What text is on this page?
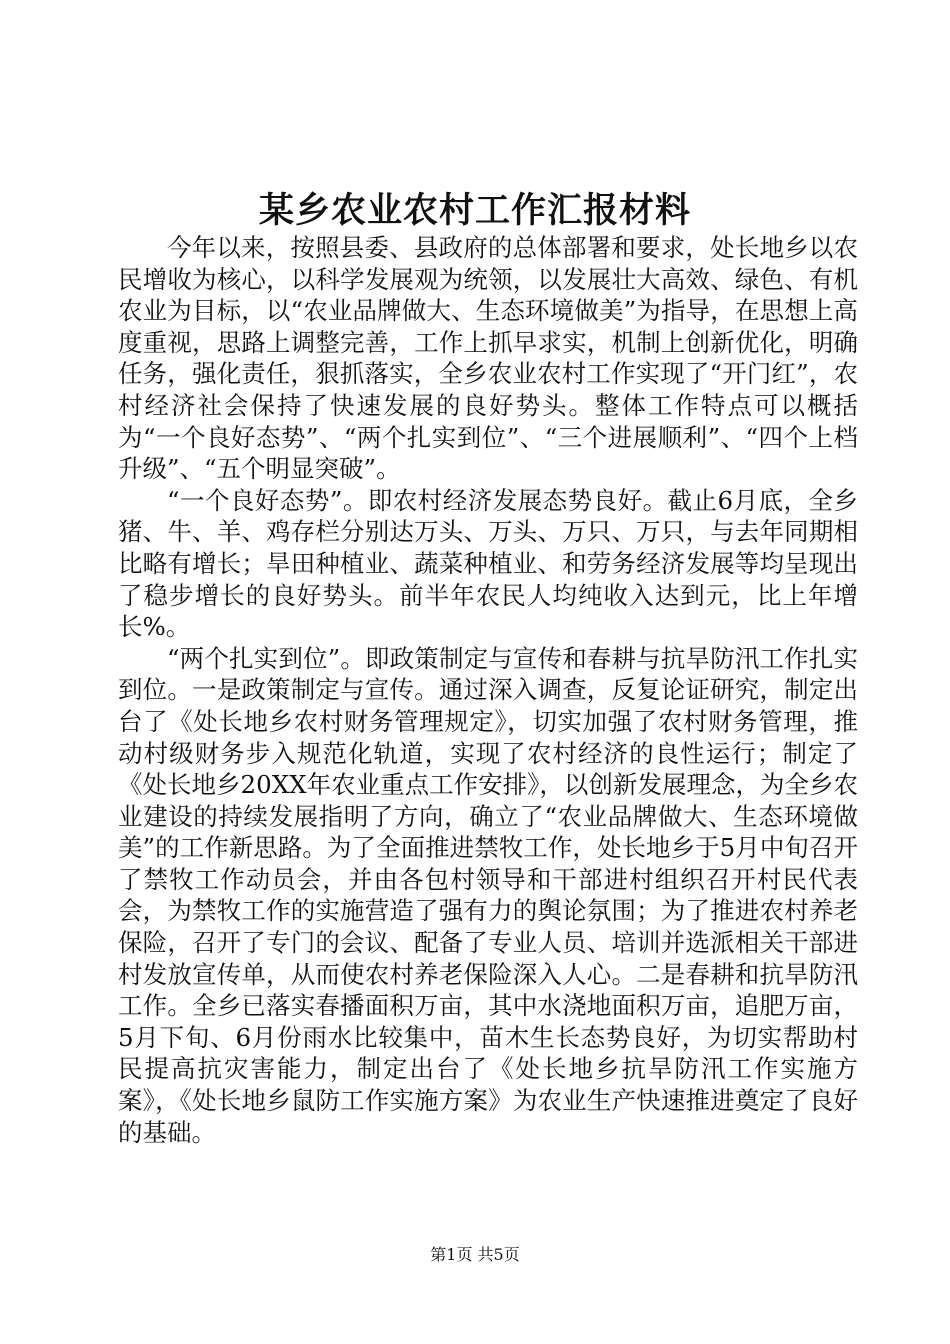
某乡农业农村工作汇报材料

今年以来，按照县委、县政府的总体部署和要求，处长地乡以农民增收为核心，以科学发展观为统领，以发展壮大高效、绿色、有机农业为目标，以“农业品牌做大、生态环境做美”为指导，在思想上高度重视，思路上调整完善，工作上抓早求实，机制上创新优化，明确任务，强化责任，狠抓落实，全乡农业农村工作实现了“开门红”，农村经济社会保持了快速发展的良好势头。整体工作特点可以概括为“一个良好态势”、“两个扎实到位”、“三个进展顺利”、“四个上档升级”、“五个明显突破”。

“一个良好态势”。即农村经济发展态势良好。截止6月底，全乡猪、牛、羊、鸡存栏分别达万头、万头、万只、万只，与去年同期相比略有增长；旱田种植业、蔬菜种植业、和劳务经济发展等均呈现出了稳步增长的良好势头。前半年农民人均纯收入达到元，比上年增长%。

“两个扎实到位”。即政策制定与宣传和春耕与抗旱防汛工作扎实到位。一是政策制定与宣传。通过深入调查，反复论证研究，制定出台了《处长地乡农村财务管理规定》，切实加强了农村财务管理，推动村级财务步入规范化轨道，实现了农村经济的良性运行；制定了《处长地乡20XX年农业重点工作安排》，以创新发展理念，为全乡农业建设的持续发展指明了方向，确立了“农业品牌做大、生态环境做美”的工作新思路。为了全面推进禁牧工作，处长地乡于5月中旬召开了禁牧工作动员会，并由各包村领导和干部进村组织召开村民代表会，为禁牧工作的实施营造了强有力的舆论氛围；为了推进农村养老保险，召开了专门的会议、配备了专业人员、培训并选派相关干部进村发放宣传单，从而使农村养老保险深入人心。二是春耕和抗旱防汛工作。全乡已落实春播面积万亩，其中水浇地面积万亩，追肥万亩，5月下旬、6月份雨水比较集中，苗木生长态势良好，为切实帮助村民提高抗灾害能力，制定出台了《处长地乡抗旱防汛工作实施方案》，《处长地乡鼠防工作实施方案》为农业生产快速推进奠定了良好的基础。

第1页 共5页
